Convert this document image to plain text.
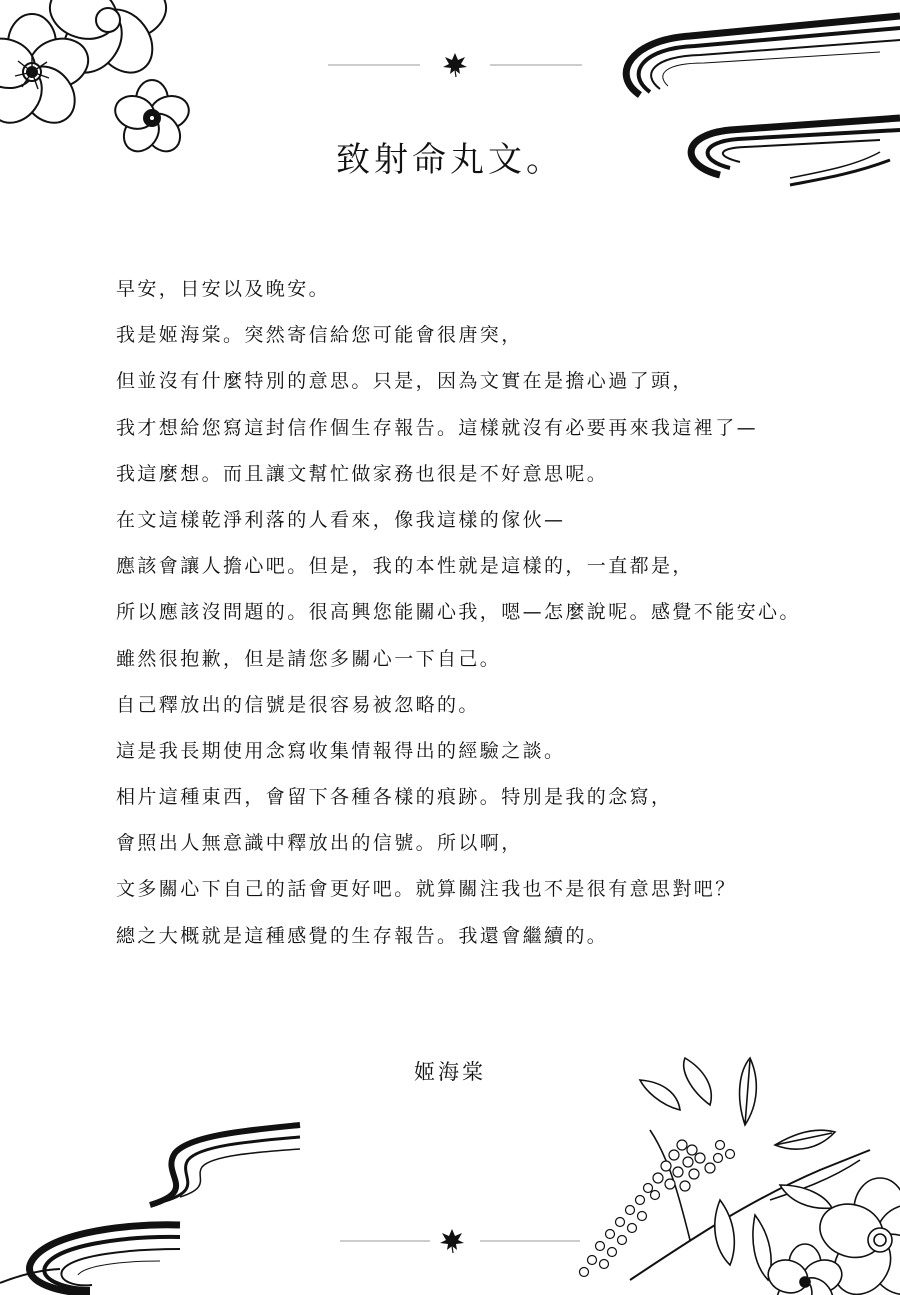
致射命丸文。
早安，日安以及晚安。
我是姬海棠。突然寄信給您可能會很唐突，
但並沒有什麼特別的意思。只是，因為文實在是擔心過了頭，
我才想給您寫這封信作個生存報告。這樣就沒有必要再來我這裡了—
我這麼想。而且讓文幫忙做家務也很是不好意思呢。
在文這樣乾淨利落的人看來，像我這樣的傢伙—
應該會讓人擔心吧。但是，我的本性就是這樣的，一直都是，
所以應該沒問題的。很高興您能關心我，嗯—怎麼說呢。感覺不能安心。
雖然很抱歉，但是請您多關心一下自己。
自己釋放出的信號是很容易被忽略的。
這是我長期使用念寫收集情報得出的經驗之談。
相片這種東西，會留下各種各樣的痕跡。特別是我的念寫，
會照出人無意識中釋放出的信號。所以啊，
文多關心下自己的話會更好吧。就算關注我也不是很有意思對吧？
總之大概就是這種感覺的生存報告。我還會繼續的。
姬海棠
